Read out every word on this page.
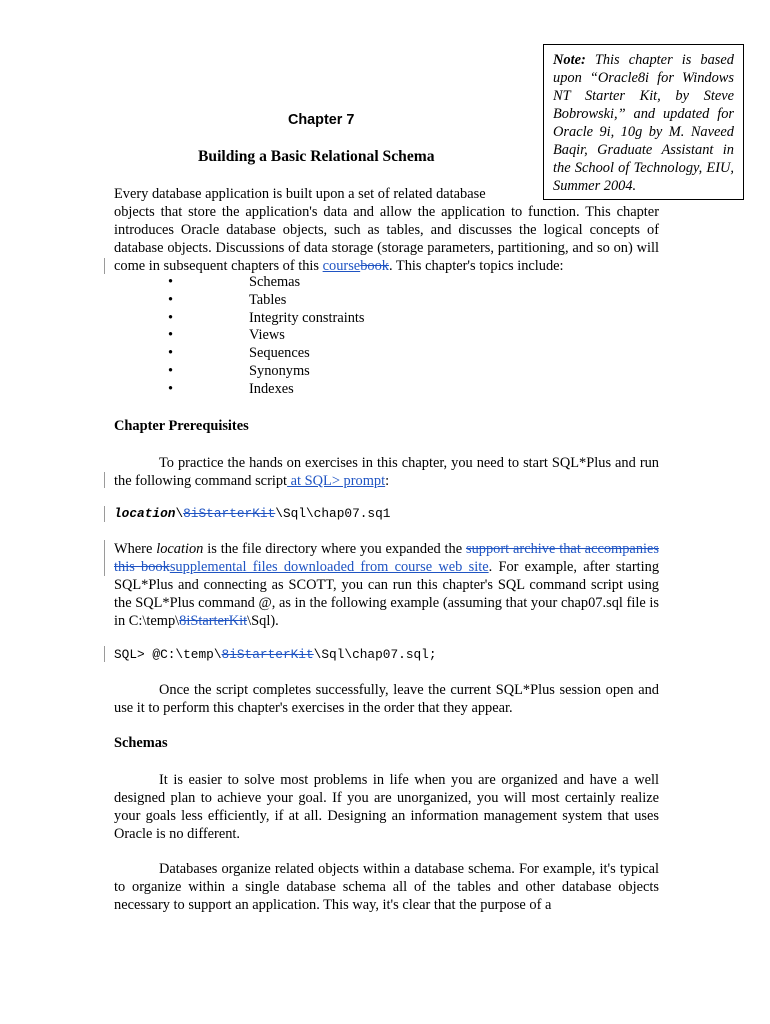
Note: This chapter is based upon “Oracle8i for Windows NT Starter Kit, by Steve Bobrowski,” and updated for Oracle 9i, 10g by M. Naveed Baqir, Graduate Assistant in the School of Technology, EIU, Summer 2004.
Chapter 7
Building a Basic Relational Schema
Every database application is built upon a set of related database
objects that store the application's data and allow the application to function. This chapter introduces Oracle database objects, such as tables, and discusses the logical concepts of database objects. Discussions of data storage (storage parameters, partitioning, and so on) will come in subsequent chapters of this coursebook. This chapter's topics include:
•	Schemas
•	Tables
•	Integrity constraints
•	Views
•	Sequences
•	Synonyms
•	Indexes
Chapter Prerequisites
To practice the hands on exercises in this chapter, you need to start SQL*Plus and run the following command script at SQL> prompt:
location\8iStarterKit\Sql\chap07.sq1
Where location is the file directory where you expanded the support archive that accompanies this booksupplemental files downloaded from course web site. For example, after starting SQL*Plus and connecting as SCOTT, you can run this chapter's SQL command script using the SQL*Plus command @, as in the following example (assuming that your chap07.sql file is in C:\temp\8iStarterKit\Sql).
SQL> @C:\temp\8iStarterKit\Sql\chap07.sql;
Once the script completes successfully, leave the current SQL*Plus session open and use it to perform this chapter's exercises in the order that they appear.
Schemas
It is easier to solve most problems in life when you are organized and have a well designed plan to achieve your goal. If you are unorganized, you will most certainly realize your goals less efficiently, if at all. Designing an information management system that uses Oracle is no different.
Databases organize related objects within a database schema. For example, it's typical to organize within a single database schema all of the tables and other database objects necessary to support an application. This way, it's clear that the purpose of a
